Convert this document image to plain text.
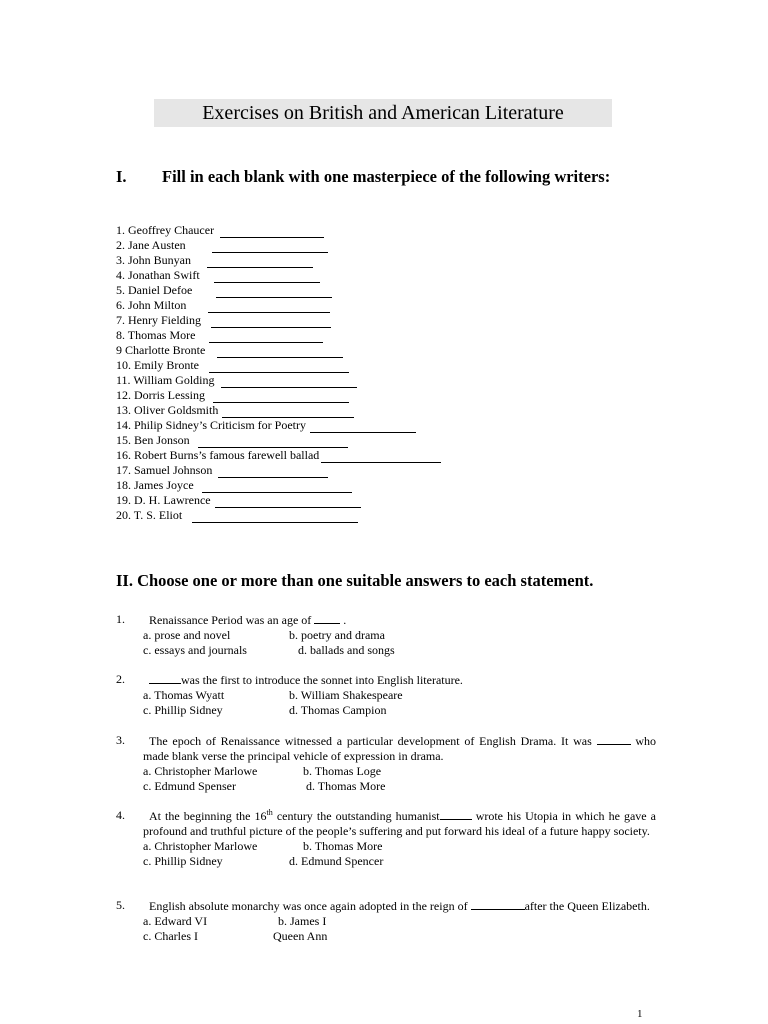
Exercises on British and American Literature
I. Fill in each blank with one masterpiece of the following writers:
1. Geoffrey Chaucer
2. Jane Austen
3. John Bunyan
4. Jonathan Swift
5. Daniel Defoe
6. John Milton
7. Henry Fielding
8. Thomas More
9 Charlotte Bronte
10. Emily Bronte
11. William Golding
12. Dorris Lessing
13. Oliver Goldsmith
14. Philip Sidney’s Criticism for Poetry
15. Ben Jonson
16. Robert Burns’s famous farewell ballad
17. Samuel Johnson
18. James Joyce
19. D. H. Lawrence
20. T. S. Eliot
II. Choose one or more than one suitable answers to each statement.
1.	Renaissance Period was an age of	.
a. prose and novel	b. poetry and drama
c. essays and journals	d. ballads and songs
2.	was the first to introduce the sonnet into English literature.
a. Thomas Wyatt	b. William Shakespeare
c. Phillip Sidney	d. Thomas Campion
3.	The epoch of Renaissance witnessed a particular development of English Drama. It was	who made blank verse the principal vehicle of expression in drama.
a. Christopher Marlowe	b. Thomas Loge
c. Edmund Spenser	d. Thomas More
4.	At the beginning the 16th century the outstanding humanist	wrote his Utopia in which he gave a profound and truthful picture of the people’s suffering and put forward his ideal of a future happy society.
a. Christopher Marlowe	b. Thomas More
c. Phillip Sidney	d. Edmund Spencer
5.	English absolute monarchy was once again adopted in the reign of	after the Queen Elizabeth.
a. Edward VI	b. James I
c. Charles I	Queen Ann
1
